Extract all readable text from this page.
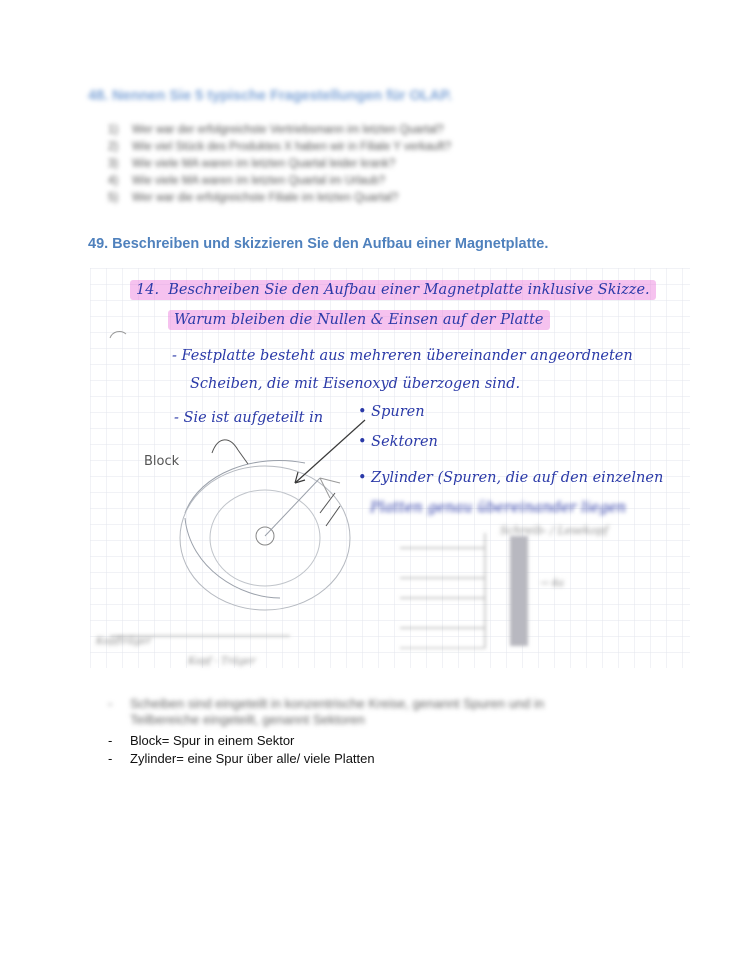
48. Nennen Sie 5 typische Fragestellungen für OLAP.
1) Wer war der erfolgreichste Vertriebsmann im letzten Quartal?
2) Wie viel Stück des Produktes X haben wir in Filiale Y verkauft?
3) Wie viele MA waren im letzten Quartal leider krank?
4) Wie viele MA waren im letzten Quartal im Urlaub?
5) Wer war die erfolgreichste Filiale im letzten Quartal?
49. Beschreiben und skizzieren Sie den Aufbau einer Magnetplatte.
14. Beschreiben Sie den Aufbau einer Magnetplatte inklusive Skizze.
Warum bleiben die Nullen & Einsen auf der Platte
- Festplatte besteht aus mehreren übereinander angeordneten
Scheiben, die mit Eisenoxyd überzogen sind.
- Sie ist aufgeteilt in • Spuren
• Sektoren
• Zylinder (Spuren, die auf den einzelnen
Platten genau übereinander liegen
Block
Schreib- / Lesekopf
→ 4a
Kopf - Träger
Kopfträger
- Scheiben sind eingeteilt in konzentrische Kreise, genannt Spuren und in Teilbereiche eingeteilt, genannt Sektoren
- Block= Spur in einem Sektor
- Zylinder= eine Spur über alle/ viele Platten
